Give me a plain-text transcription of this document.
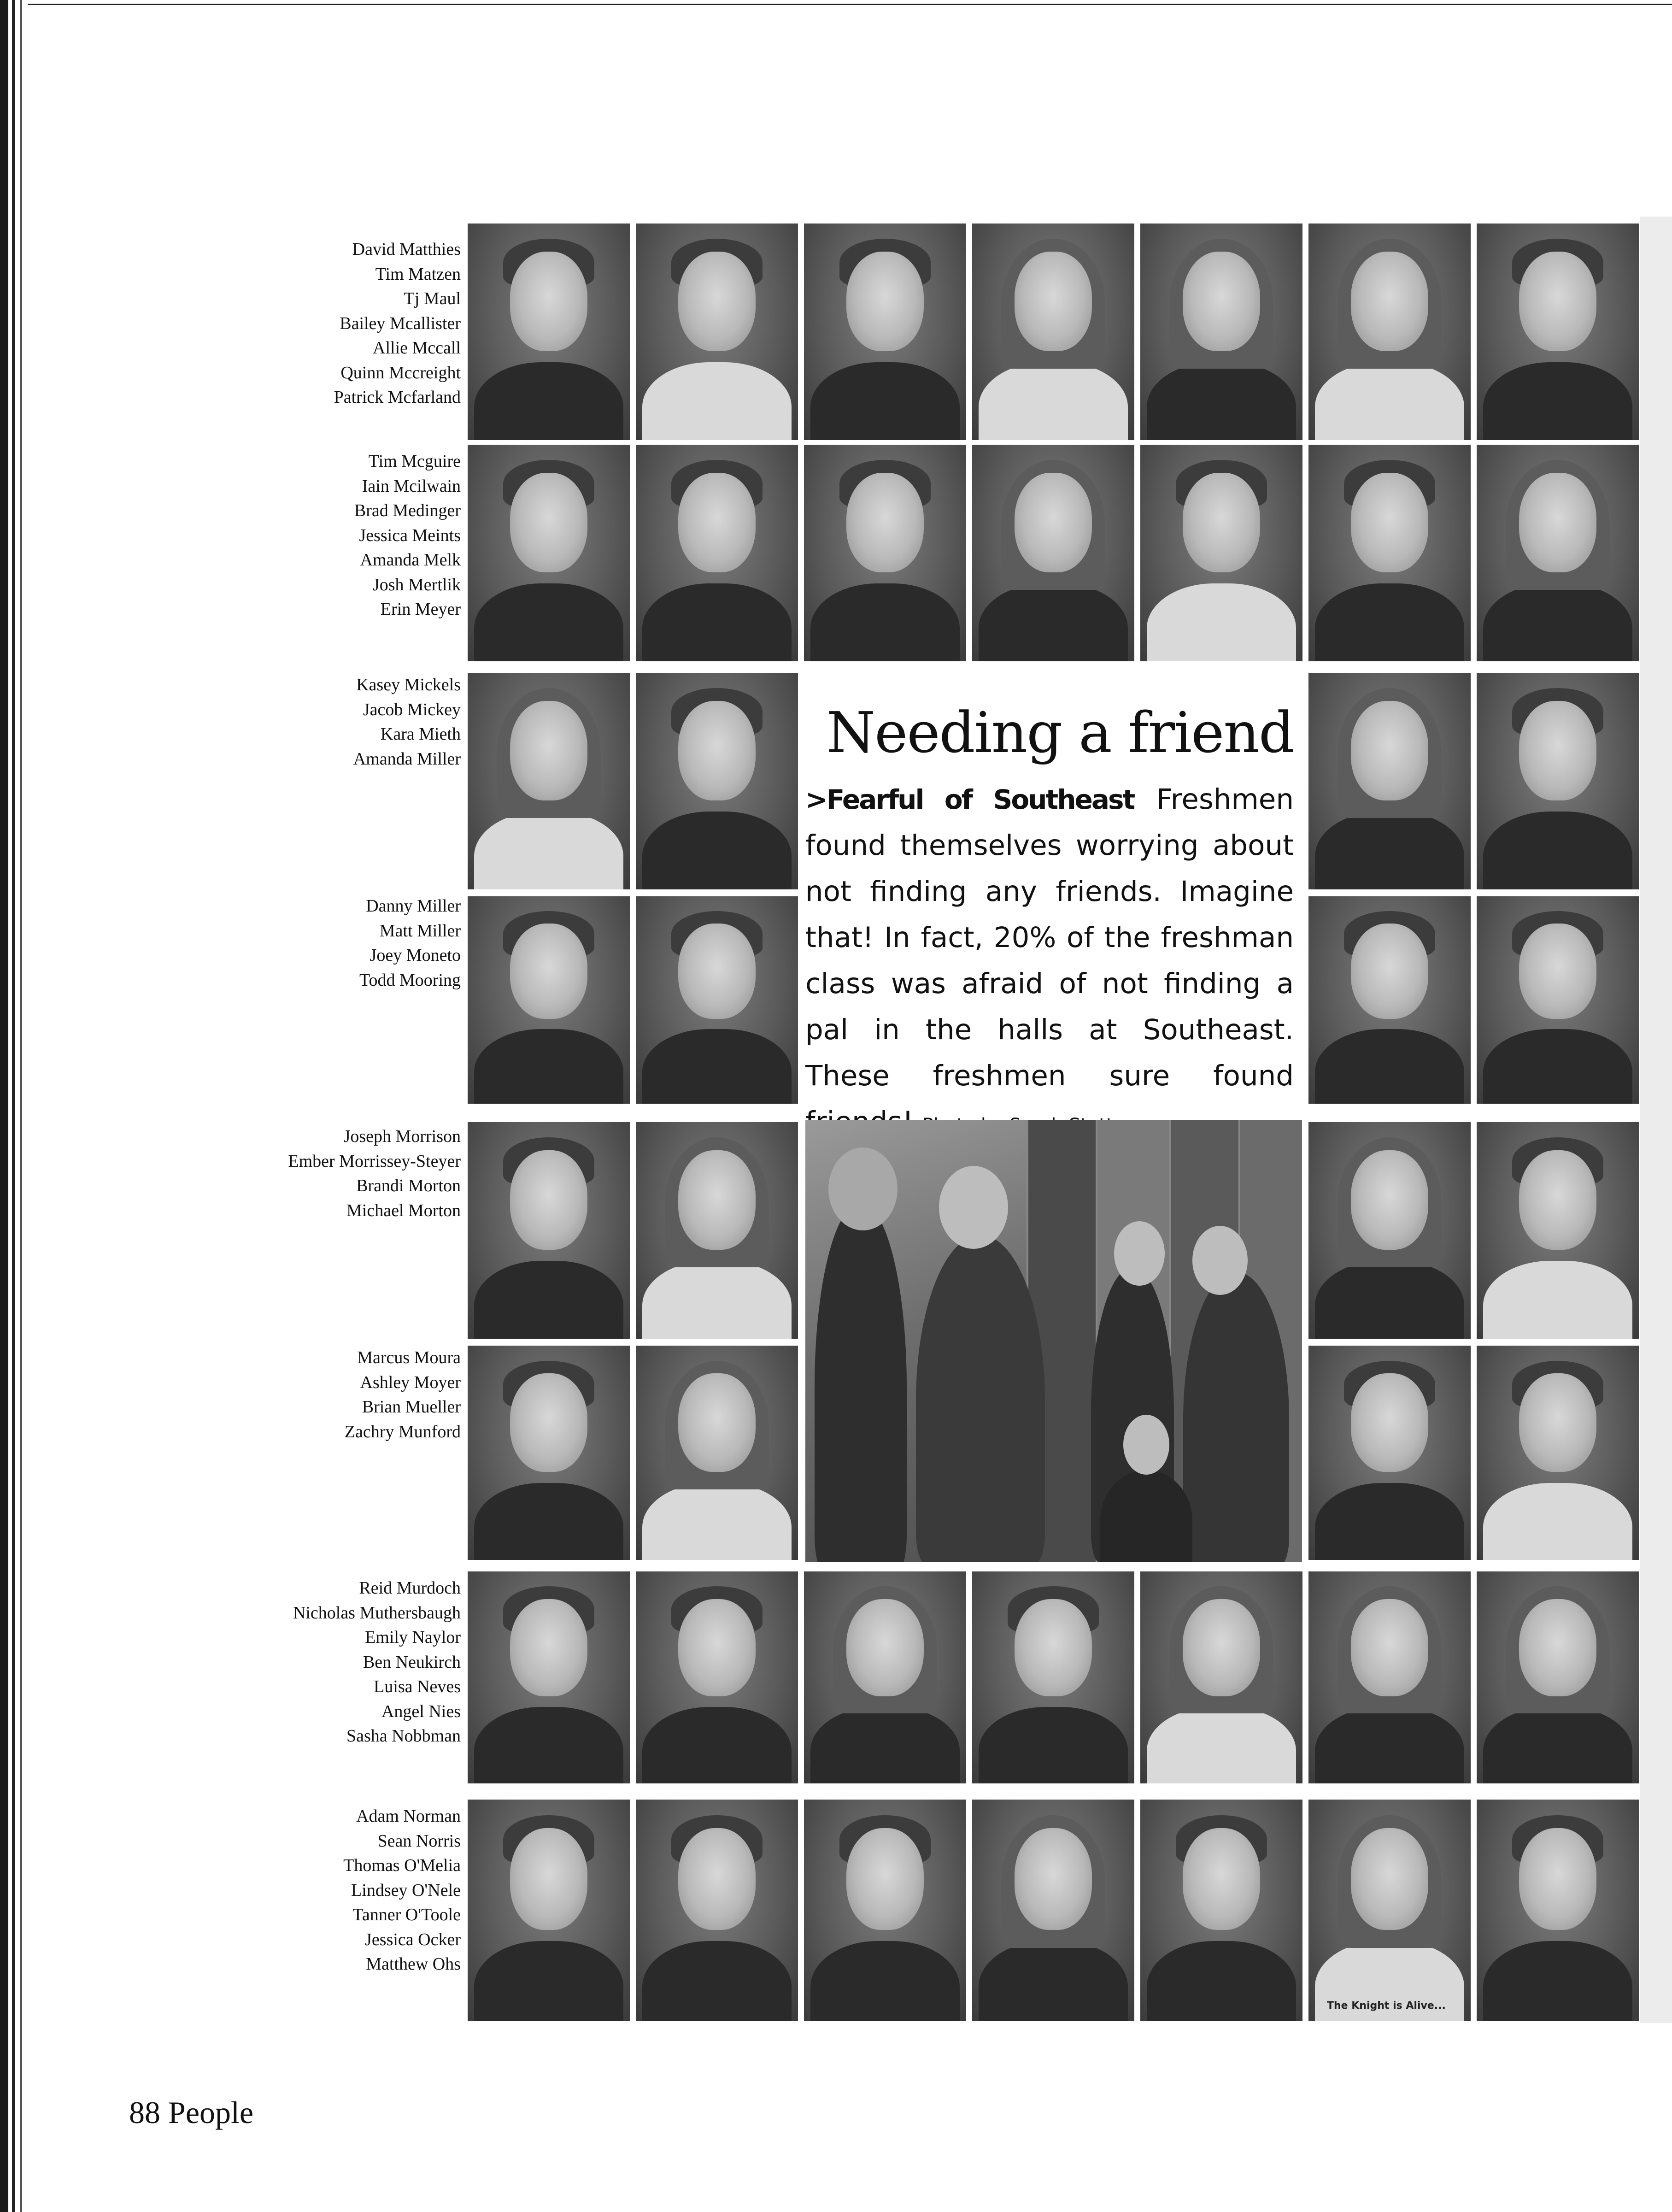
David Matthies
Tim Matzen
Tj Maul
Bailey Mcallister
Allie Mccall
Quinn Mccreight
Patrick Mcfarland
Tim Mcguire
Iain Mcilwain
Brad Medinger
Jessica Meints
Amanda Melk
Josh Mertlik
Erin Meyer
Kasey Mickels
Jacob Mickey
Kara Mieth
Amanda Miller
Danny Miller
Matt Miller
Joey Moneto
Todd Mooring
Joseph Morrison
Ember Morrissey-Steyer
Brandi Morton
Michael Morton
Marcus Moura
Ashley Moyer
Brian Mueller
Zachry Munford
Reid Murdoch
Nicholas Muthersbaugh
Emily Naylor
Ben Neukirch
Luisa Neves
Angel Nies
Sasha Nobbman
Adam Norman
Sean Norris
Thomas O'Melia
Lindsey O'Nele
Tanner O'Toole
Jessica Ocker
Matthew Ohs
The Knight is Alive...
Needing a friend
>Fearful of Southeast Freshmen found themselves worrying about not finding any friends. Imagine that! In fact, 20% of the freshman class was afraid of not finding a pal in the halls at Southeast. These freshmen sure found
88 People
